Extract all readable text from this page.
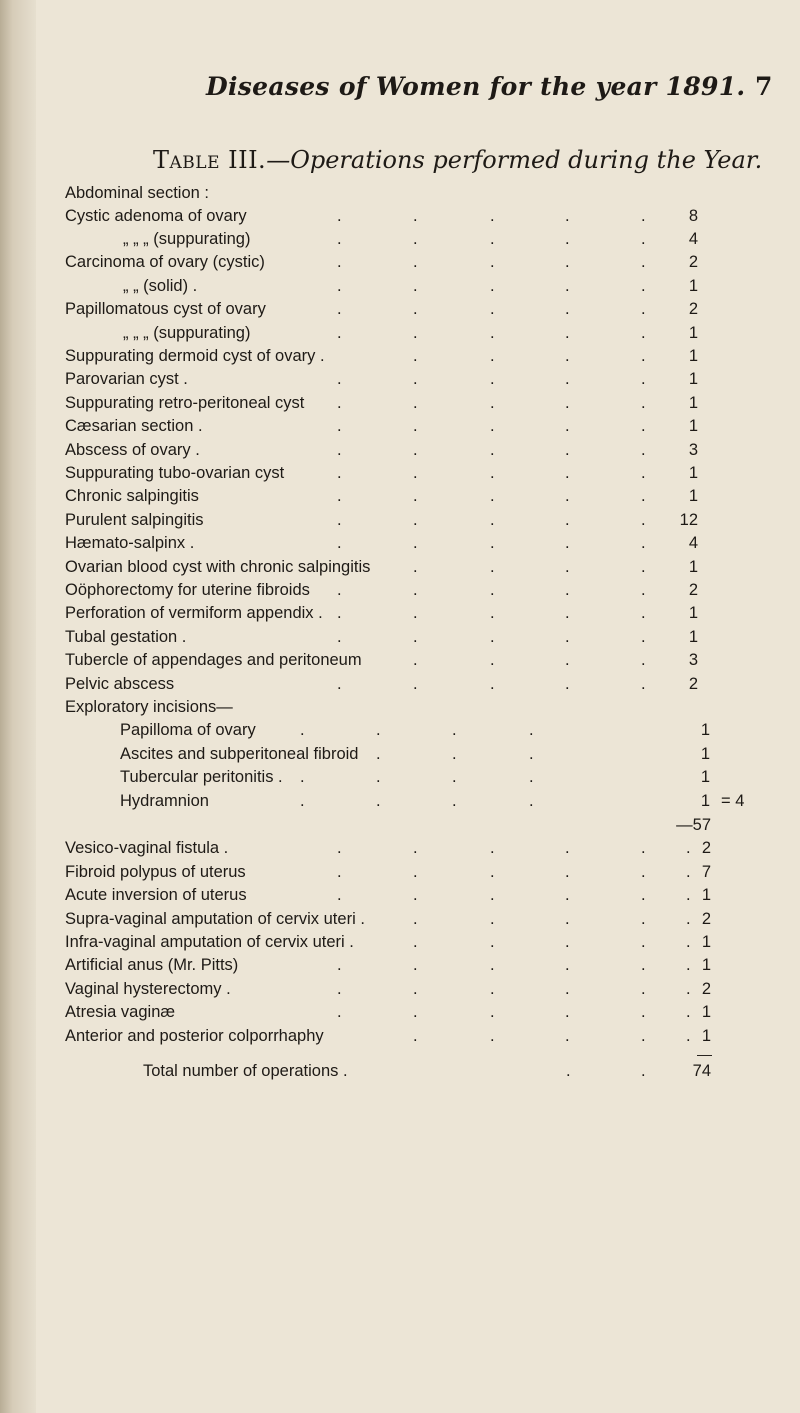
Diseases of Women for the year 1891. 7
Table III.—Operations performed during the Year.
Abdominal section :
Cystic adenoma of ovary	8
.	.	.	.	.
„ „ „ (suppurating)	4
.	.	.	.	.
Carcinoma of ovary (cystic)	2
.	.	.	.	.
„ „ (solid) .	1
.	.	.	.	.
Papillomatous cyst of ovary	2
.	.	.	.	.
„ „ „ (suppurating)	1
.	.	.	.	.
Suppurating dermoid cyst of ovary .	1
.	.	.	.
Parovarian cyst .	1
.	.	.	.	.
Suppurating retro-peritoneal cyst	1
.	.	.	.	.
Cæsarian section .	1
.	.	.	.	.
Abscess of ovary .	3
.	.	.	.	.
Suppurating tubo-ovarian cyst	1
.	.	.	.	.
Chronic salpingitis	1
.	.	.	.	.
Purulent salpingitis	12
.	.	.	.	.
Hæmato-salpinx .	4
.	.	.	.	.
Ovarian blood cyst with chronic salpingitis	1
.	.	.	.
Oöphorectomy for uterine fibroids	2
.	.	.	.	.
Perforation of vermiform appendix .	1
.	.	.	.	.
Tubal gestation .	1
.	.	.	.	.
Tubercle of appendages and peritoneum	3
.	.	.	.
Pelvic abscess	2
.	.	.	.	.
Exploratory incisions—
Papilloma of ovary	.	.	.	.	1
Ascites and subperitoneal fibroid .	.	.	1
Tubercular peritonitis . .	.	.	.	1
Hydramnion	.	.	.	.	1 = 4
—57
Vesico-vaginal fistula .	.	.	.	.	. . 2
Fibroid polypus of uterus	.	.	.	.	. . 7
Acute inversion of uterus	.	.	.	.	. . 1
Supra-vaginal amputation of cervix uteri .	.	.	.	. . 2
Infra-vaginal amputation of cervix uteri .	.	.	.	. . 1
Artificial anus (Mr. Pitts)	.	.	.	.	. . 1
Vaginal hysterectomy .	.	.	.	.	. . 2
Atresia vaginæ	.	.	.	.	. . 1
Anterior and posterior colporrhaphy	.	.	.	. . 1
Total number of operations .	.	.	74
